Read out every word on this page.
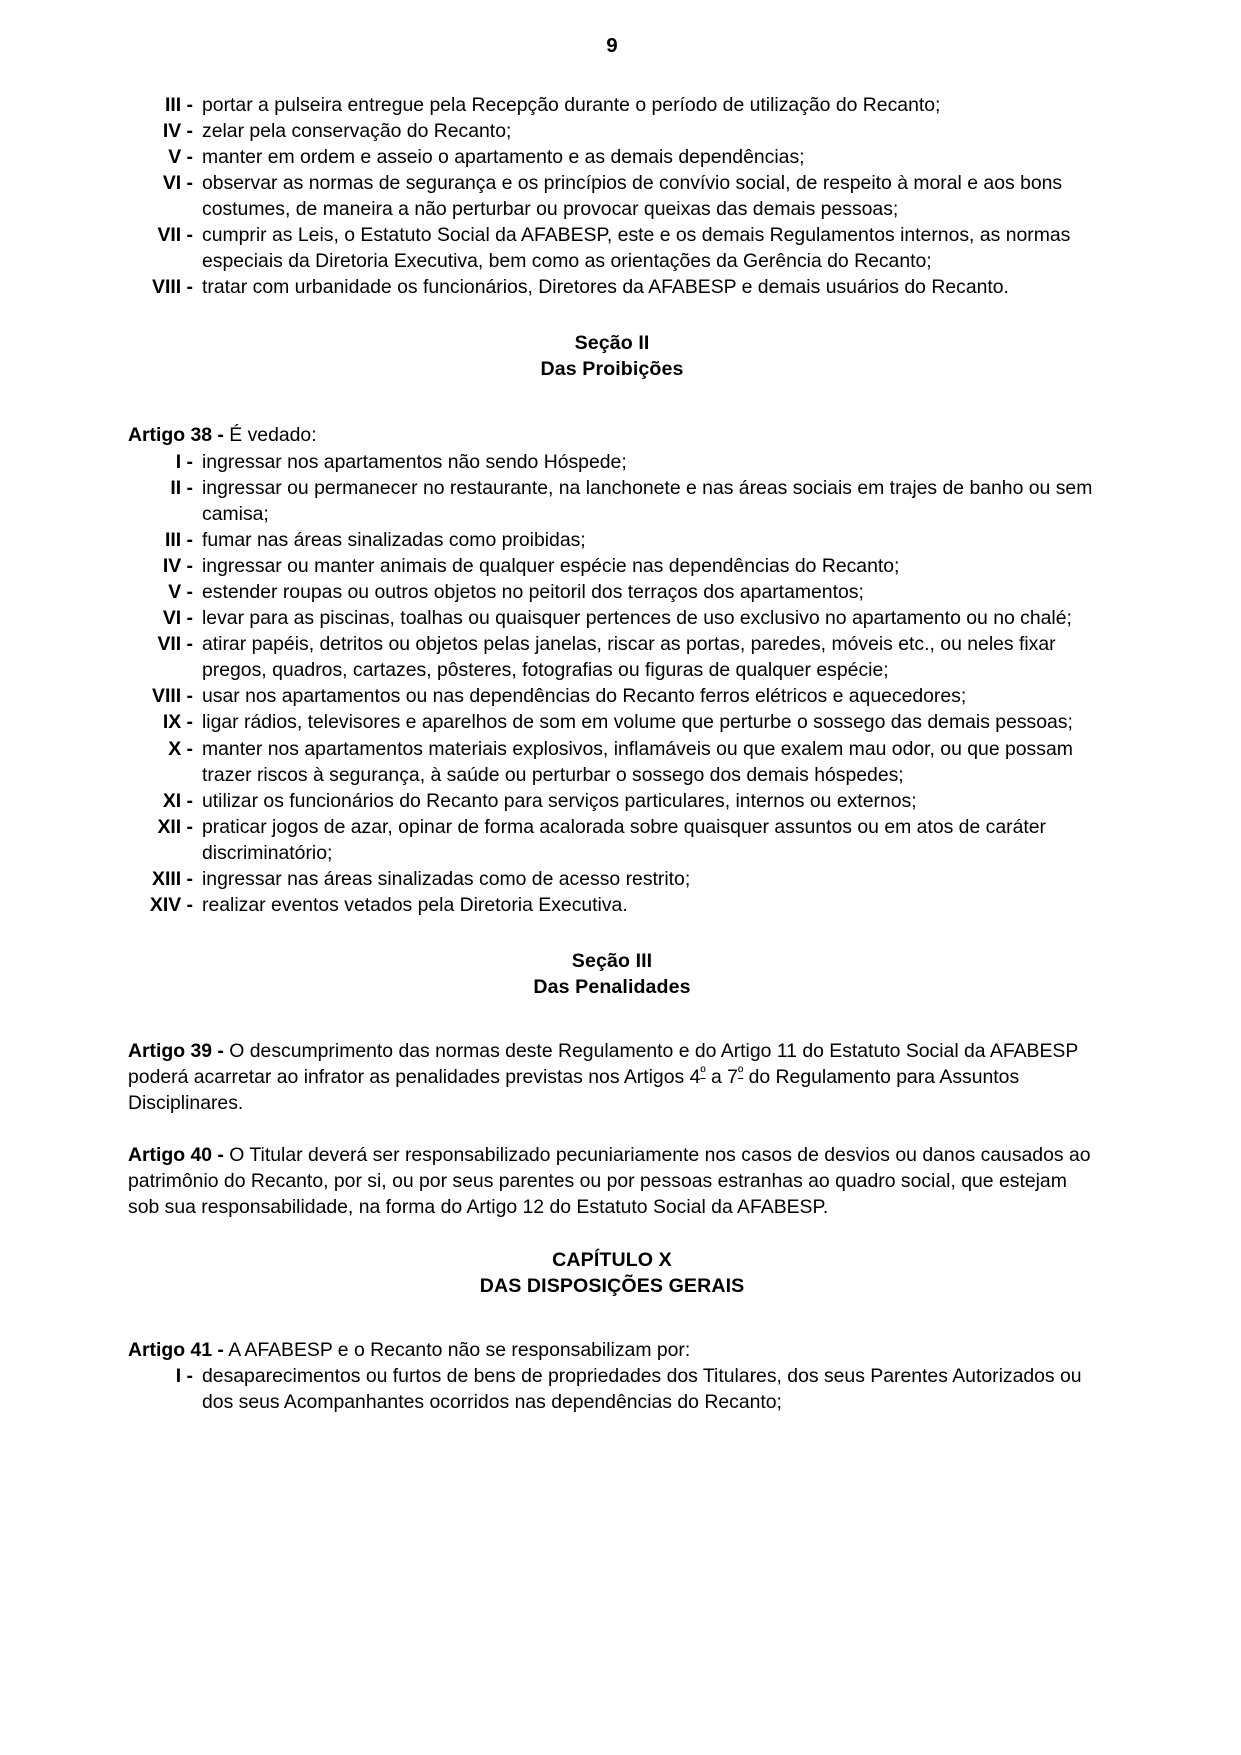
9
III - portar a pulseira entregue pela Recepção durante o período de utilização do Recanto;
IV - zelar pela conservação do Recanto;
V - manter em ordem e asseio o apartamento e as demais dependências;
VI - observar as normas de segurança e os princípios de convívio social, de respeito à moral e aos bons costumes, de maneira a não perturbar ou provocar queixas das demais pessoas;
VII - cumprir as Leis, o Estatuto Social da AFABESP, este e os demais Regulamentos internos, as normas especiais da Diretoria Executiva, bem como as orientações da Gerência do Recanto;
VIII - tratar com urbanidade os funcionários, Diretores da AFABESP e demais usuários do Recanto.
Seção II
Das Proibições

Artigo 38 - É vedado:

I - ingressar nos apartamentos não sendo Hóspede;
II - ingressar ou permanecer no restaurante, na lanchonete e nas áreas sociais em trajes de banho ou sem camisa;
III - fumar nas áreas sinalizadas como proibidas;
IV - ingressar ou manter animais de qualquer espécie nas dependências do Recanto;
V - estender roupas ou outros objetos no peitoril dos terraços dos apartamentos;
VI - levar para as piscinas, toalhas ou quaisquer pertences de uso exclusivo no apartamento ou no chalé;
VII - atirar papéis, detritos ou objetos pelas janelas, riscar as portas, paredes, móveis etc., ou neles fixar pregos, quadros, cartazes, pôsteres, fotografias ou figuras de qualquer espécie;
VIII - usar nos apartamentos ou nas dependências do Recanto ferros elétricos e aquecedores;
IX - ligar rádios, televisores e aparelhos de som em volume que perturbe o sossego das demais pessoas;
X - manter nos apartamentos materiais explosivos, inflamáveis ou que exalem mau odor, ou que possam trazer riscos à segurança, à saúde ou perturbar o sossego dos demais hóspedes;
XI - utilizar os funcionários do Recanto para serviços particulares, internos ou externos;
XII - praticar jogos de azar, opinar de forma acalorada sobre quaisquer assuntos ou em atos de caráter discriminatório;
XIII - ingressar nas áreas sinalizadas como de acesso restrito;
XIV - realizar eventos vetados pela Diretoria Executiva.
Seção III
Das Penalidades

Artigo 39 - O descumprimento das normas deste Regulamento e do Artigo 11 do Estatuto Social da AFABESP poderá acarretar ao infrator as penalidades previstas nos Artigos $4^º$ a $7^º$ do Regulamento para Assuntos Disciplinares.

Artigo 40 - O Titular deverá ser responsabilizado pecuniariamente nos casos de desvios ou danos causados ao patrimônio do Recanto, por si, ou por seus parentes ou por pessoas estranhas ao quadro social, que estejam sob sua responsabilidade, na forma do Artigo 12 do Estatuto Social da AFABESP.

CAPÍTULO X
DAS DISPOSIÇÕES GERAIS

Artigo 41 - A AFABESP e o Recanto não se responsabilizam por:

I - desaparecimentos ou furtos de bens de propriedades dos Titulares, dos seus Parentes Autorizados ou dos seus Acompanhantes ocorridos nas dependências do Recanto;
